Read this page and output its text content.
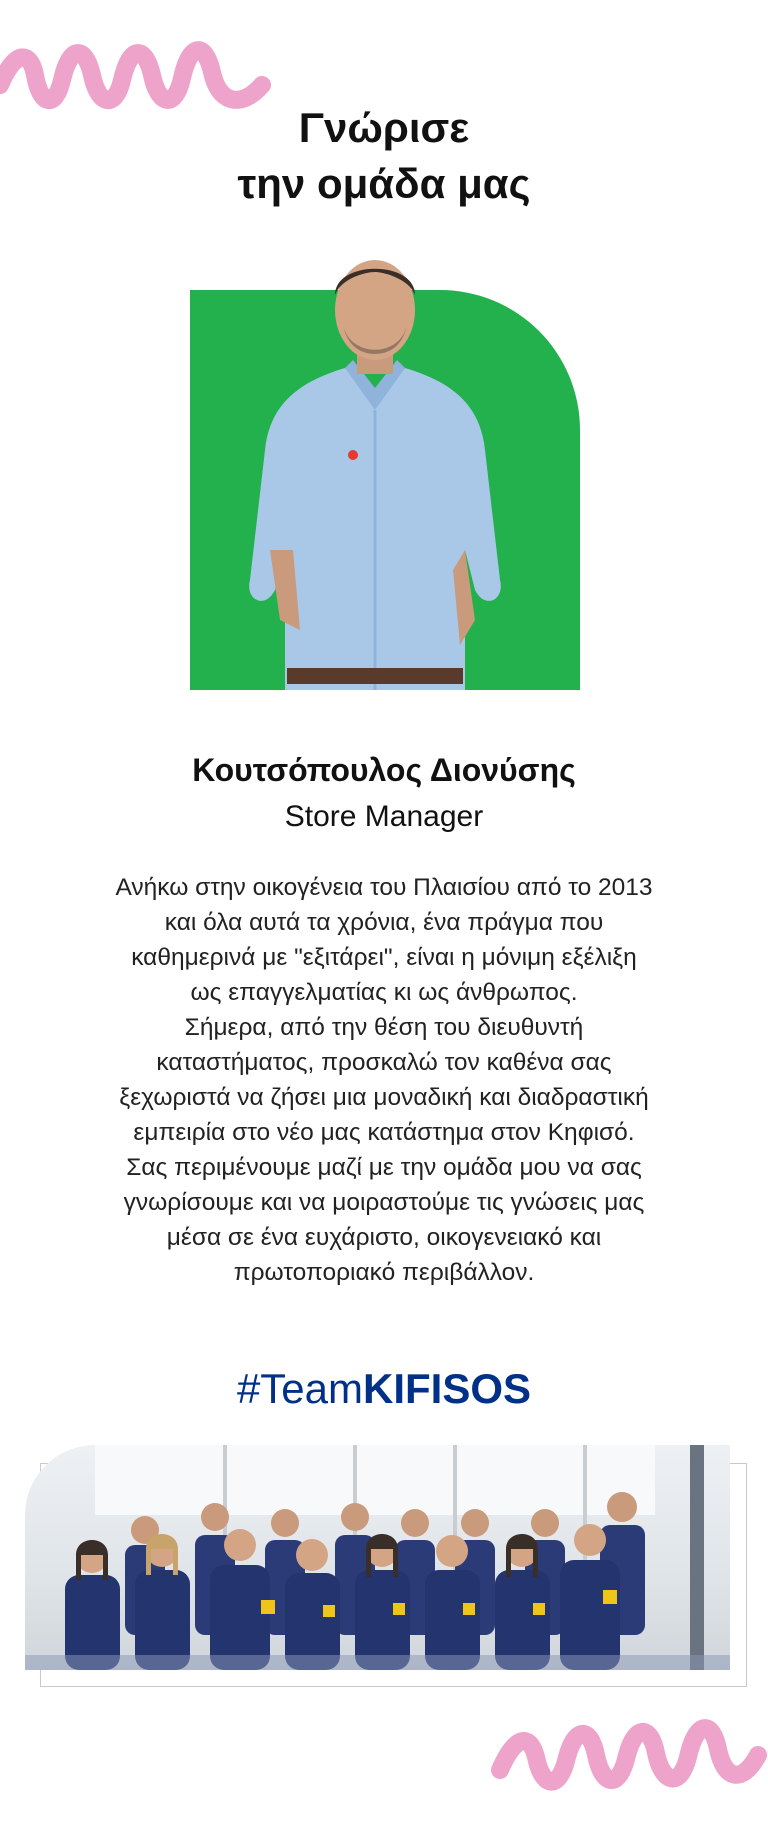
Γνώρισε
την ομάδα μας
Κουτσόπουλος Διονύσης
Store Manager

Ανήκω στην οικογένεια του Πλαισίου από το 2013

και όλα αυτά τα χρόνια, ένα πράγμα που

καθημερινά με "εξιτάρει", είναι η μόνιμη εξέλιξη

ως επαγγελματίας κι ως άνθρωπος.

Σήμερα, από την θέση του διευθυντή

καταστήματος, προσκαλώ τον καθένα σας

ξεχωριστά να ζήσει μια μοναδική και διαδραστική

εμπειρία στο νέο μας κατάστημα στον Κηφισό.

Σας περιμένουμε μαζί με την ομάδα μου να σας

γνωρίσουμε και να μοιραστούμε τις γνώσεις μας

μέσα σε ένα ευχάριστο, οικογενειακό και

πρωτοποριακό περιβάλλον.

#TeamKIFISOS
